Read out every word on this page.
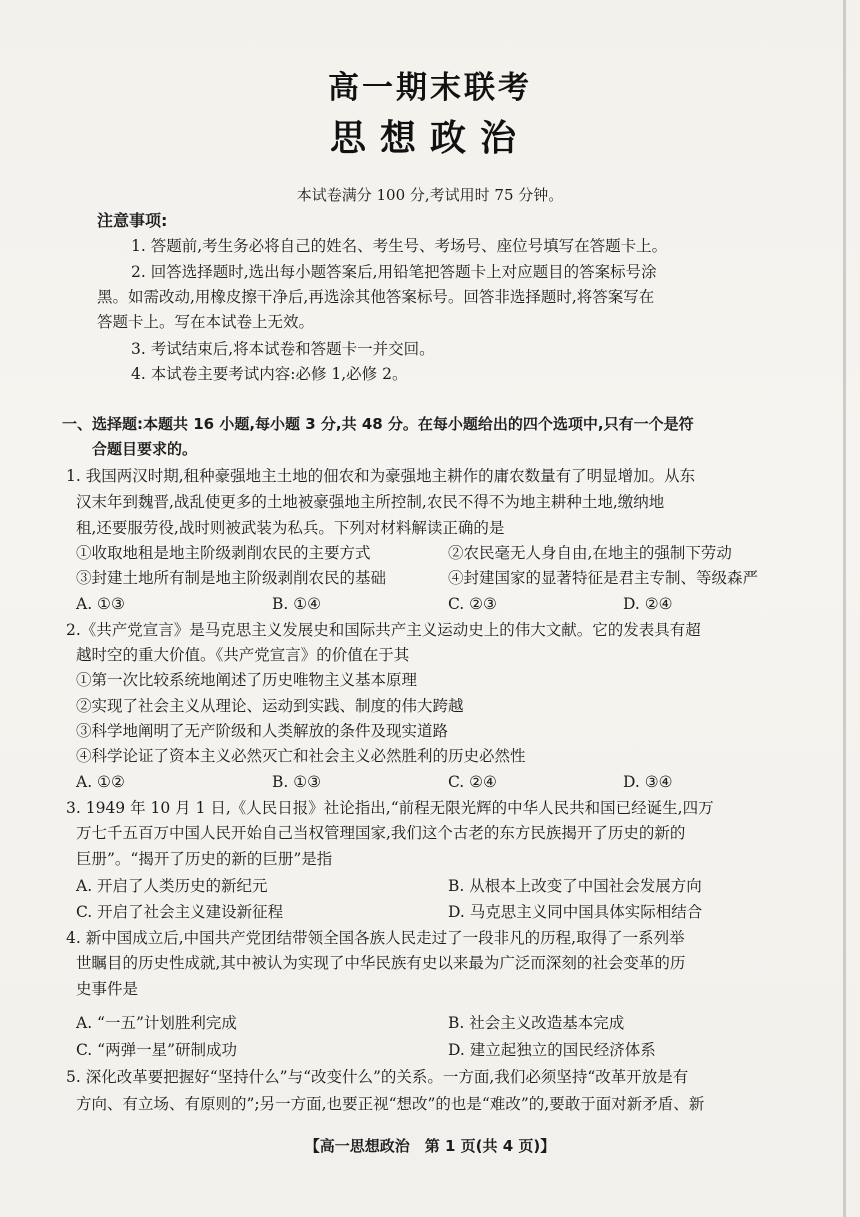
高一期末联考
思想政治
本试卷满分 100 分,考试用时 75 分钟。
注意事项:
1. 答题前,考生务必将自己的姓名、考生号、考场号、座位号填写在答题卡上。
2. 回答选择题时,选出每小题答案后,用铅笔把答题卡上对应题目的答案标号涂
黑。如需改动,用橡皮擦干净后,再选涂其他答案标号。回答非选择题时,将答案写在
答题卡上。写在本试卷上无效。
3. 考试结束后,将本试卷和答题卡一并交回。
4. 本试卷主要考试内容:必修 1,必修 2。
一、选择题:本题共 16 小题,每小题 3 分,共 48 分。在每小题给出的四个选项中,只有一个是符
合题目要求的。
1. 我国两汉时期,租种豪强地主土地的佃农和为豪强地主耕作的庸农数量有了明显增加。从东
汉末年到魏晋,战乱使更多的土地被豪强地主所控制,农民不得不为地主耕种土地,缴纳地
租,还要服劳役,战时则被武装为私兵。下列对材料解读正确的是
①收取地租是地主阶级剥削农民的主要方式	②农民毫无人身自由,在地主的强制下劳动
③封建土地所有制是地主阶级剥削农民的基础	④封建国家的显著特征是君主专制、等级森严
A. ①③	B. ①④	C. ②③	D. ②④
2.《共产党宣言》是马克思主义发展史和国际共产主义运动史上的伟大文献。它的发表具有超
越时空的重大价值。《共产党宣言》的价值在于其
①第一次比较系统地阐述了历史唯物主义基本原理
②实现了社会主义从理论、运动到实践、制度的伟大跨越
③科学地阐明了无产阶级和人类解放的条件及现实道路
④科学论证了资本主义必然灭亡和社会主义必然胜利的历史必然性
A. ①②	B. ①③	C. ②④	D. ③④
3. 1949 年 10 月 1 日,《人民日报》社论指出,“前程无限光辉的中华人民共和国已经诞生,四万
万七千五百万中国人民开始自己当权管理国家,我们这个古老的东方民族揭开了历史的新的
巨册”。“揭开了历史的新的巨册”是指
A. 开启了人类历史的新纪元	B. 从根本上改变了中国社会发展方向
C. 开启了社会主义建设新征程	D. 马克思主义同中国具体实际相结合
4. 新中国成立后,中国共产党团结带领全国各族人民走过了一段非凡的历程,取得了一系列举
世瞩目的历史性成就,其中被认为实现了中华民族有史以来最为广泛而深刻的社会变革的历
史事件是
A. “一五”计划胜利完成	B. 社会主义改造基本完成
C. “两弹一星”研制成功	D. 建立起独立的国民经济体系
5. 深化改革要把握好“坚持什么”与“改变什么”的关系。一方面,我们必须坚持“改革开放是有
方向、有立场、有原则的”;另一方面,也要正视“想改”的也是“难改”的,要敢于面对新矛盾、新
【高一思想政治　第 1 页(共 4 页)】
